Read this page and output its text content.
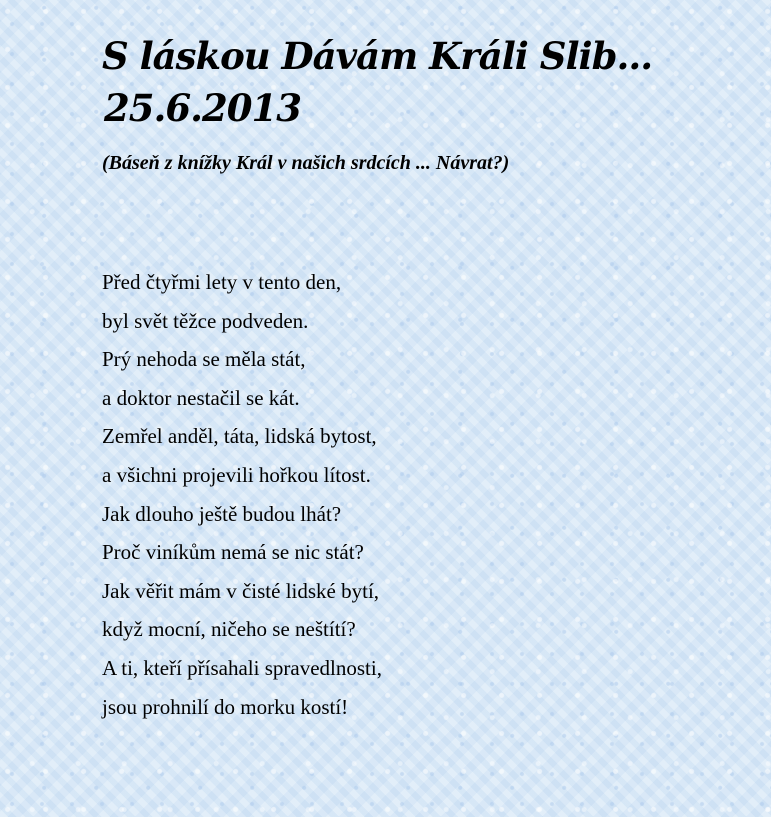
S láskou Dávám Králi Slib...
25.6.2013

(Báseň z knížky Král v našich srdcích ... Návrat?)

Před čtyřmi lety v tento den,
byl svět těžce podveden.
Prý nehoda se měla stát,
a doktor nestačil se kát.
Zemřel anděl, táta, lidská bytost,
a všichni projevili hořkou lítost.
Jak dlouho ještě budou lhát?
Proč viníkům nemá se nic stát?
Jak věřit mám v čisté lidské bytí,
když mocní, ničeho se neštítí?
A ti, kteří přísahali spravedlnosti,
jsou prohnilí do morku kostí!
